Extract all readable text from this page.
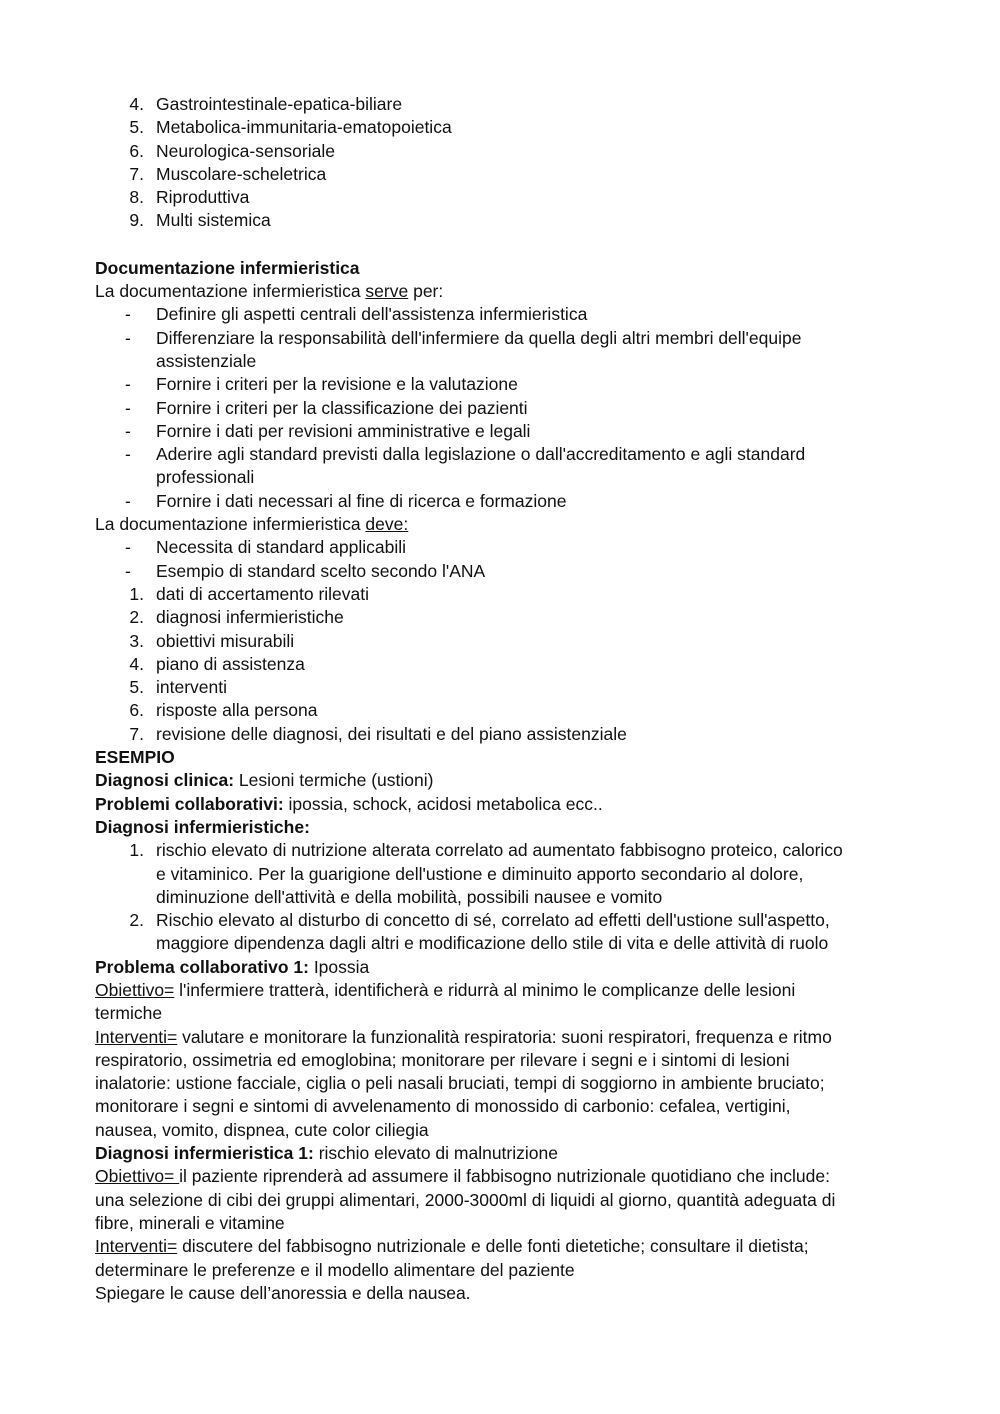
4. Gastrointestinale-epatica-biliare
5. Metabolica-immunitaria-ematopoietica
6. Neurologica-sensoriale
7. Muscolare-scheletrica
8. Riproduttiva
9. Multi sistemica
Documentazione infermieristica
La documentazione infermieristica serve per:
- Definire gli aspetti centrali dell'assistenza infermieristica
- Differenziare la responsabilità dell'infermiere da quella degli altri membri dell'equipe
assistenziale
- Fornire i criteri per la revisione e la valutazione
- Fornire i criteri per la classificazione dei pazienti
- Fornire i dati per revisioni amministrative e legali
- Aderire agli standard previsti dalla legislazione o dall'accreditamento e agli standard
professionali
- Fornire i dati necessari al fine di ricerca e formazione
La documentazione infermieristica deve:
- Necessita di standard applicabili
- Esempio di standard scelto secondo l'ANA
1. dati di accertamento rilevati
2. diagnosi infermieristiche
3. obiettivi misurabili
4. piano di assistenza
5. interventi
6. risposte alla persona
7. revisione delle diagnosi, dei risultati e del piano assistenziale
ESEMPIO
Diagnosi clinica: Lesioni termiche (ustioni)
Problemi collaborativi: ipossia, schock, acidosi metabolica ecc..
Diagnosi infermieristiche:
1. rischio elevato di nutrizione alterata correlato ad aumentato fabbisogno proteico, calorico
e vitaminico. Per la guarigione dell'ustione e diminuito apporto secondario al dolore,
diminuzione dell'attività e della mobilità, possibili nausee e vomito
2. Rischio elevato al disturbo di concetto di sé, correlato ad effetti dell'ustione sull'aspetto,
maggiore dipendenza dagli altri e modificazione dello stile di vita e delle attività di ruolo
Problema collaborativo 1: Ipossia
Obiettivo= l'infermiere tratterà, identificherà e ridurrà al minimo le complicanze delle lesioni
termiche
Interventi= valutare e monitorare la funzionalità respiratoria: suoni respiratori, frequenza e ritmo
respiratorio, ossimetria ed emoglobina; monitorare per rilevare i segni e i sintomi di lesioni
inalatorie: ustione facciale, ciglia o peli nasali bruciati, tempi di soggiorno in ambiente bruciato;
monitorare i segni e sintomi di avvelenamento di monossido di carbonio: cefalea, vertigini,
nausea, vomito, dispnea, cute color ciliegia
Diagnosi infermieristica 1: rischio elevato di malnutrizione
Obiettivo= il paziente riprenderà ad assumere il fabbisogno nutrizionale quotidiano che include:
una selezione di cibi dei gruppi alimentari, 2000-3000ml di liquidi al giorno, quantità adeguata di
fibre, minerali e vitamine
Interventi= discutere del fabbisogno nutrizionale e delle fonti dietetiche; consultare il dietista;
determinare le preferenze e il modello alimentare del paziente
Spiegare le cause dell’anoressia e della nausea.
